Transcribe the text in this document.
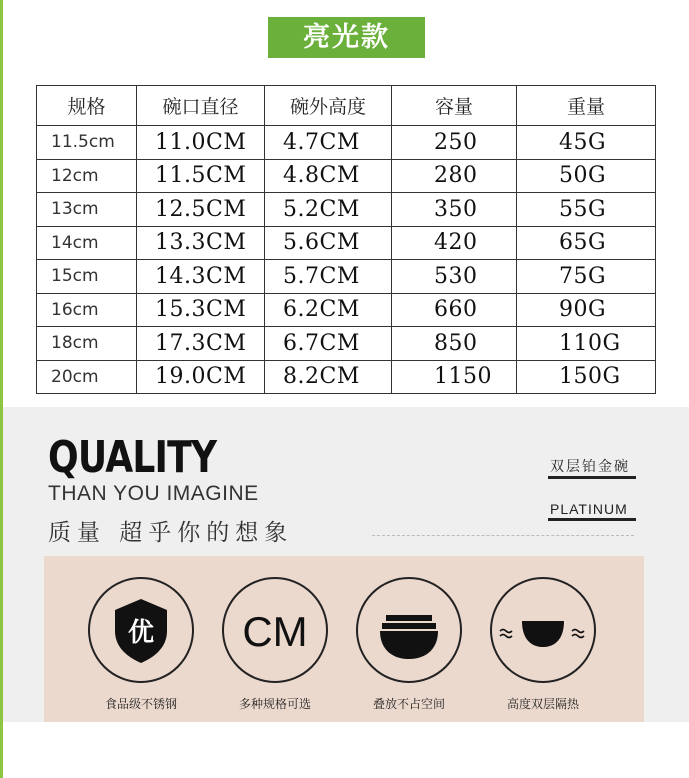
亮光款
规格	碗口直径	碗外高度	容量	重量
11.5cm	11.0CM	4.7CM	250	45G
12cm	11.5CM	4.8CM	280	50G
13cm	12.5CM	5.2CM	350	55G
14cm	13.3CM	5.6CM	420	65G
15cm	14.3CM	5.7CM	530	75G
16cm	15.3CM	6.2CM	660	90G
18cm	17.3CM	6.7CM	850	110G
20cm	19.0CM	8.2CM	1150	150G
QUALITY
THAN YOU IMAGINE
质量 超乎你的想象
双层铂金碗
PLATINUM
优
食品级不锈钢
CM
多种规格可选	叠放不占空间	高度双层隔热
